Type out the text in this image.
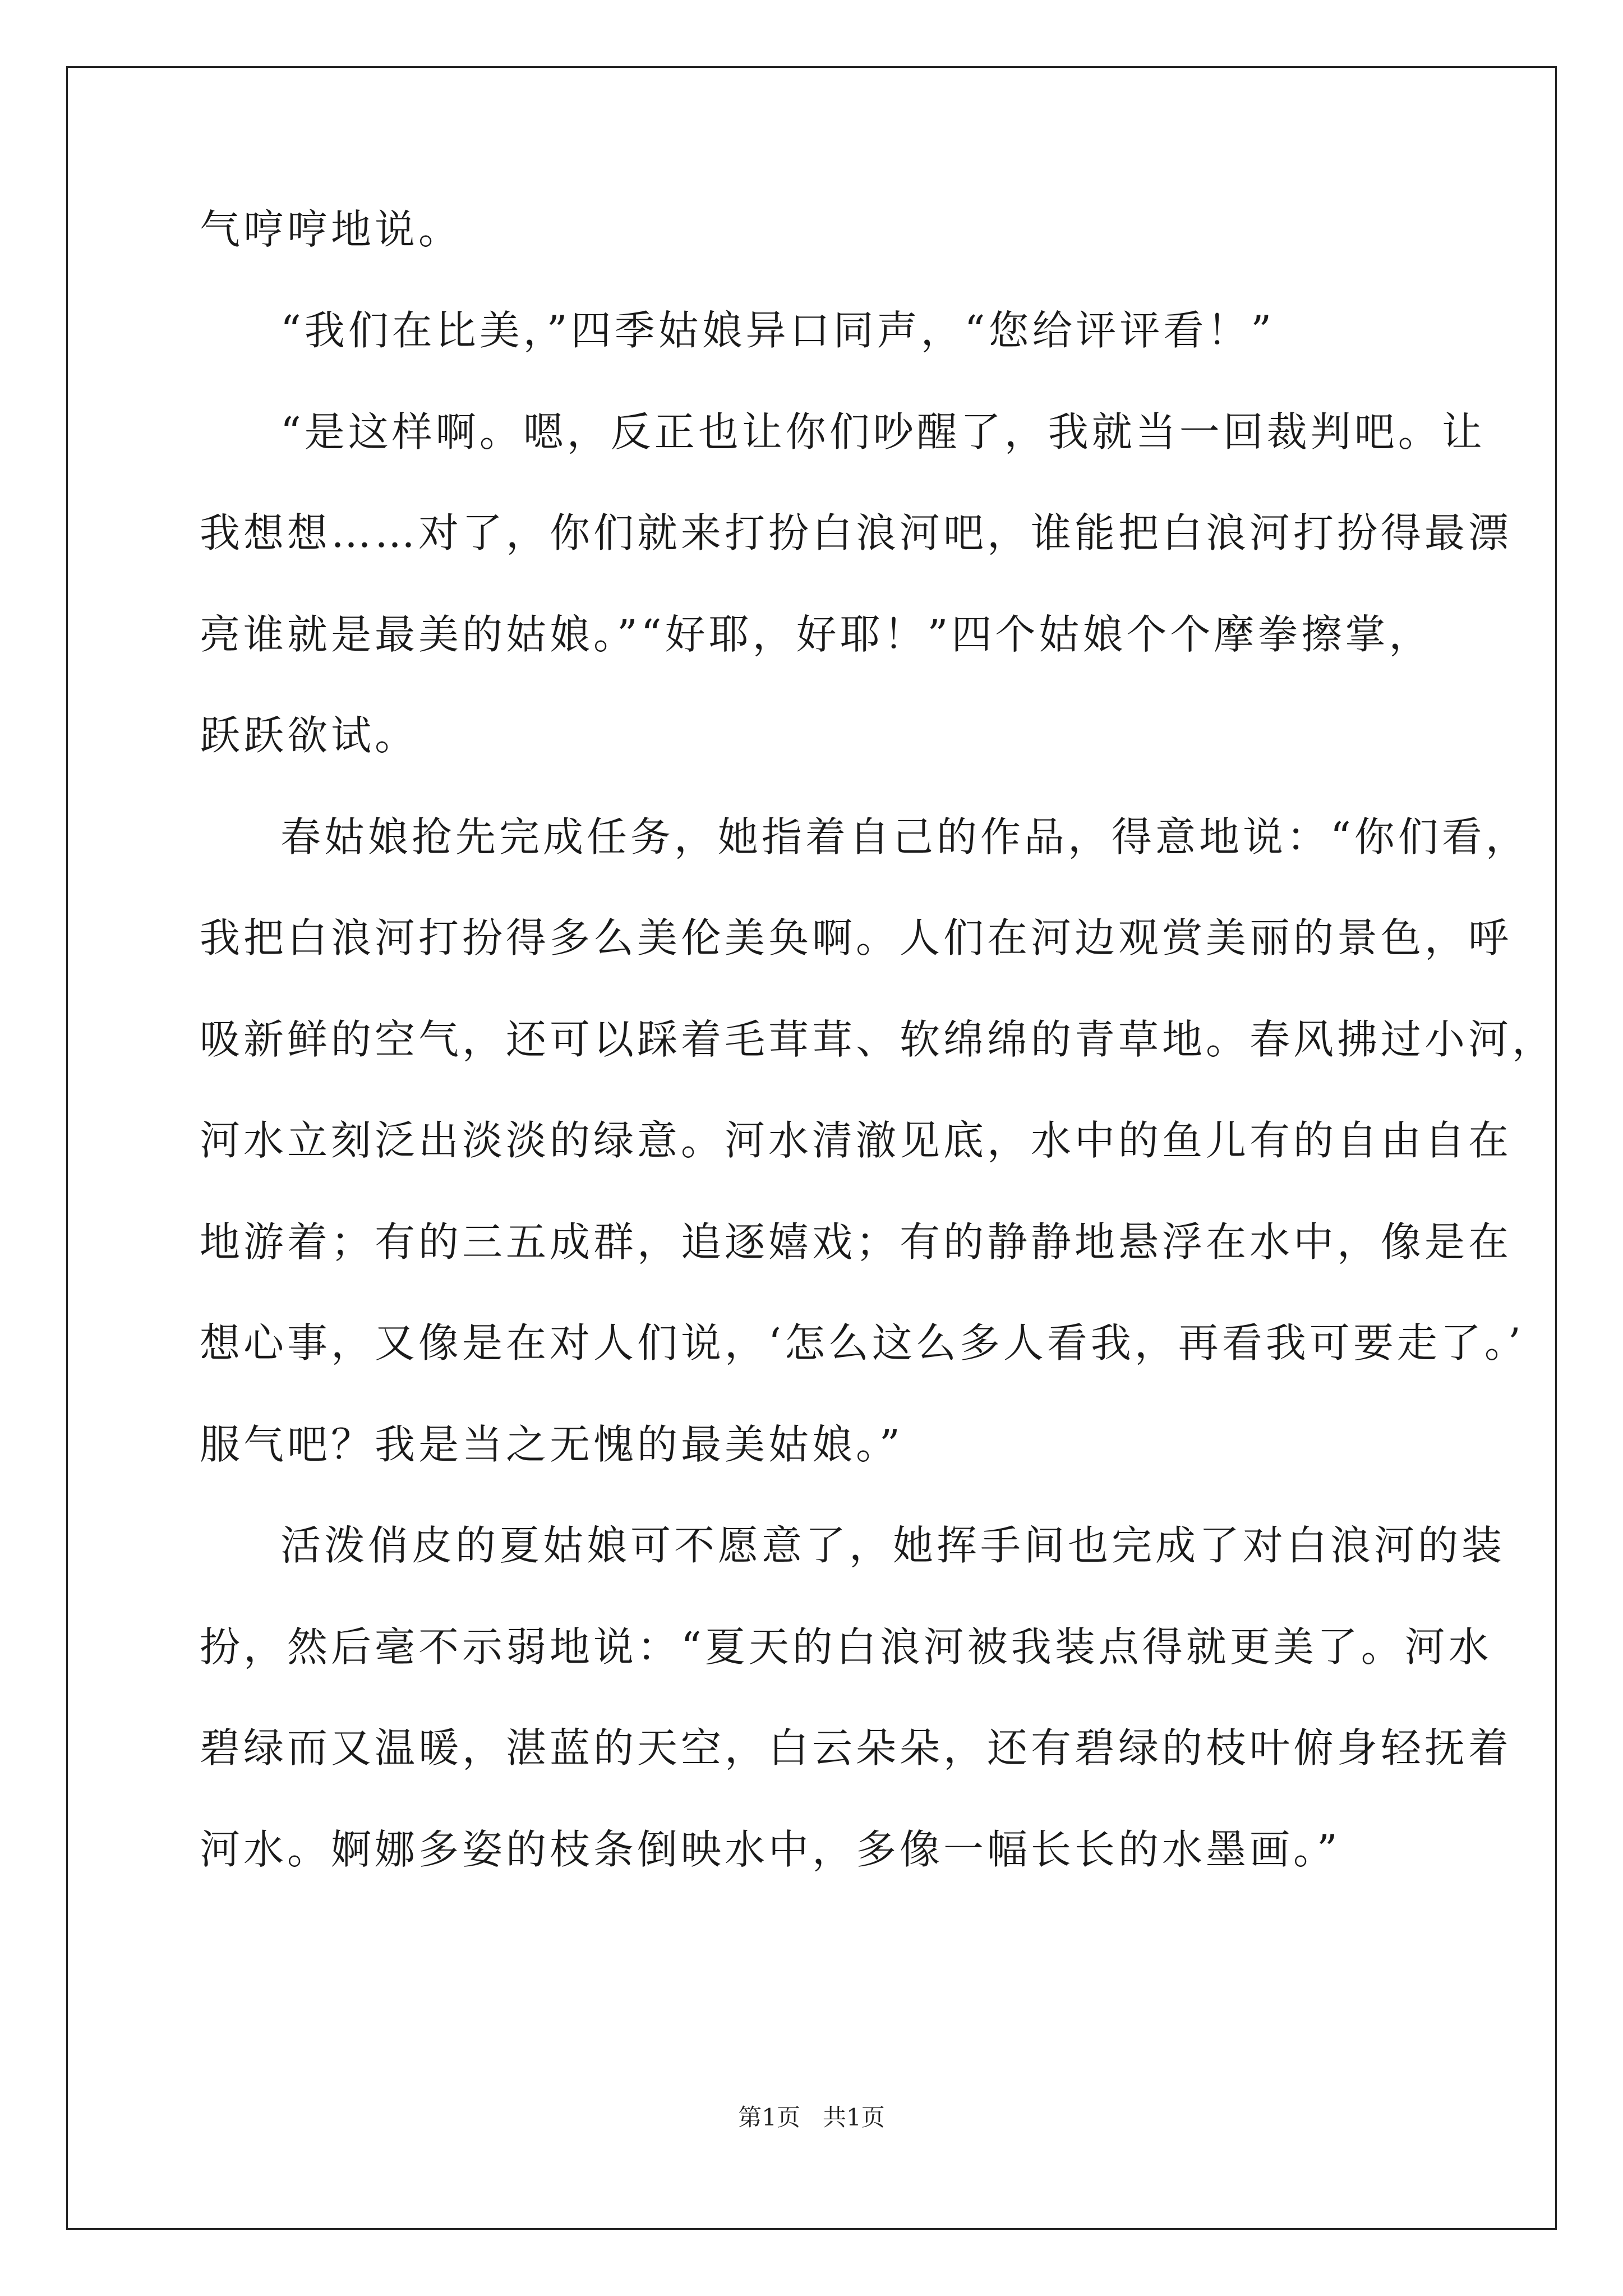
气哼哼地说。
“我们在比美，”四季姑娘异口同声，“您给评评看！”
“是这样啊。嗯，反正也让你们吵醒了，我就当一回裁判吧。让
我想想……对了，你们就来打扮白浪河吧，谁能把白浪河打扮得最漂
亮谁就是最美的姑娘。”“好耶，好耶！”四个姑娘个个摩拳擦掌，
跃跃欲试。
春姑娘抢先完成任务，她指着自己的作品，得意地说：“你们看，
我把白浪河打扮得多么美伦美奂啊。人们在河边观赏美丽的景色，呼
吸新鲜的空气，还可以踩着毛茸茸、软绵绵的青草地。春风拂过小河，
河水立刻泛出淡淡的绿意。河水清澈见底，水中的鱼儿有的自由自在
地游着；有的三五成群，追逐嬉戏；有的静静地悬浮在水中，像是在
想心事，又像是在对人们说，‘怎么这么多人看我，再看我可要走了。’
服气吧？我是当之无愧的最美姑娘。”
活泼俏皮的夏姑娘可不愿意了，她挥手间也完成了对白浪河的装
扮，然后毫不示弱地说：“夏天的白浪河被我装点得就更美了。河水
碧绿而又温暖，湛蓝的天空，白云朵朵，还有碧绿的枝叶俯身轻抚着
河水。婀娜多姿的枝条倒映水中，多像一幅长长的水墨画。”
第1页   共1页
